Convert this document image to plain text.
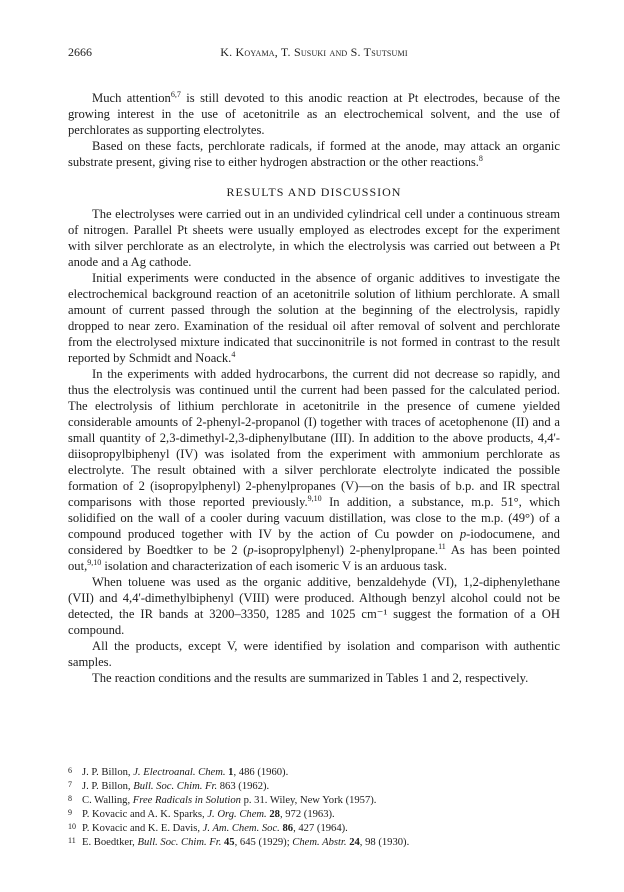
2666	K. Koyama, T. Susuki and S. Tsutsumi

Much attention$^{6,7}$ is still devoted to this anodic reaction at Pt electrodes, because of the growing interest in the use of acetonitrile as an electrochemical solvent, and the use of perchlorates as supporting electrolytes.

Based on these facts, perchlorate radicals, if formed at the anode, may attack an organic substrate present, giving rise to either hydrogen abstraction or the other reactions.$^8$

RESULTS AND DISCUSSION

The electrolyses were carried out in an undivided cylindrical cell under a continuous stream of nitrogen. Parallel Pt sheets were usually employed as electrodes except for the experiment with silver perchlorate as an electrolyte, in which the electrolysis was carried out between a Pt anode and a Ag cathode.

Initial experiments were conducted in the absence of organic additives to investigate the electrochemical background reaction of an acetonitrile solution of lithium perchlorate. A small amount of current passed through the solution at the beginning of the electrolysis, rapidly dropped to near zero. Examination of the residual oil after removal of solvent and perchlorate from the electrolysed mixture indicated that succinonitrile is not formed in contrast to the result reported by Schmidt and Noack.$^4$

In the experiments with added hydrocarbons, the current did not decrease so rapidly, and thus the electrolysis was continued until the current had been passed for the calculated period. The electrolysis of lithium perchlorate in acetonitrile in the presence of cumene yielded considerable amounts of 2-phenyl-2-propanol (I) together with traces of acetophenone (II) and a small quantity of 2,3-dimethyl-2,3-diphenylbutane (III). In addition to the above products, 4,4'-diisopropylbiphenyl (IV) was isolated from the experiment with ammonium perchlorate as electrolyte. The result obtained with a silver perchlorate electrolyte indicated the possible formation of 2 (isopropylphenyl) 2-phenylpropanes (V)—on the basis of b.p. and IR spectral comparisons with those reported previously.$^{9,10}$ In addition, a substance, m.p. 51°, which solidified on the wall of a cooler during vacuum distillation, was close to the m.p. (49°) of a compound produced together with IV by the action of Cu powder on p-iodocumene, and considered by Boedtker to be 2 (p-isopropylphenyl) 2-phenylpropane.$^{11}$ As has been pointed out,$^{9,10}$ isolation and characterization of each isomeric V is an arduous task.

When toluene was used as the organic additive, benzaldehyde (VI), 1,2-diphenylethane (VII) and 4,4'-dimethylbiphenyl (VIII) were produced. Although benzyl alcohol could not be detected, the IR bands at 3200–3350, 1285 and 1025 cm⁻¹ suggest the formation of a OH compound.

All the products, except V, were identified by isolation and comparison with authentic samples.

The reaction conditions and the results are summarized in Tables 1 and 2, respectively.

6 J. P. Billon, J. Electroanal. Chem. 1, 486 (1960).
7 J. P. Billon, Bull. Soc. Chim. Fr. 863 (1962).
8 C. Walling, Free Radicals in Solution p. 31. Wiley, New York (1957).
9 P. Kovacic and A. K. Sparks, J. Org. Chem. 28, 972 (1963).
10 P. Kovacic and K. E. Davis, J. Am. Chem. Soc. 86, 427 (1964).
11 E. Boedtker, Bull. Soc. Chim. Fr. 45, 645 (1929); Chem. Abstr. 24, 98 (1930).
